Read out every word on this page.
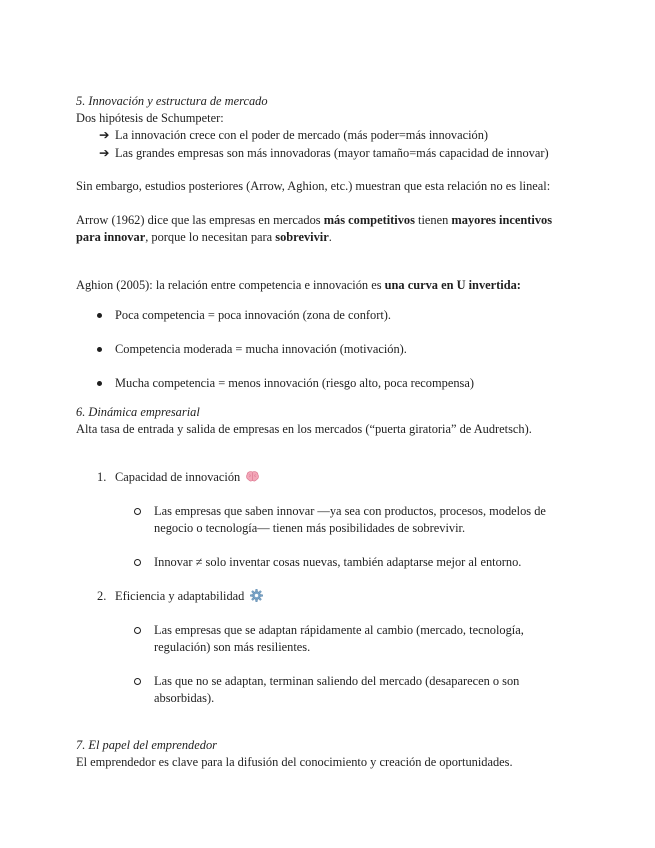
5. Innovación y estructura de mercado
Dos hipótesis de Schumpeter:
➔ La innovación crece con el poder de mercado (más poder=más innovación)
➔ Las grandes empresas son más innovadoras (mayor tamaño=más capacidad de innovar)
Sin embargo, estudios posteriores (Arrow, Aghion, etc.) muestran que esta relación no es lineal:
Arrow (1962) dice que las empresas en mercados más competitivos tienen mayores incentivos
para innovar, porque lo necesitan para sobrevivir.
Aghion (2005): la relación entre competencia e innovación es una curva en U invertida:
Poca competencia = poca innovación (zona de confort).
Competencia moderada = mucha innovación (motivación).
Mucha competencia = menos innovación (riesgo alto, poca recompensa)
6. Dinámica empresarial
Alta tasa de entrada y salida de empresas en los mercados (“puerta giratoria” de Audretsch).
1. Capacidad de innovación
Las empresas que saben innovar —ya sea con productos, procesos, modelos de
negocio o tecnología— tienen más posibilidades de sobrevivir.
Innovar ≠ solo inventar cosas nuevas, también adaptarse mejor al entorno.
2. Eficiencia y adaptabilidad
Las empresas que se adaptan rápidamente al cambio (mercado, tecnología,
regulación) son más resilientes.
Las que no se adaptan, terminan saliendo del mercado (desaparecen o son
absorbidas).
7. El papel del emprendedor
El emprendedor es clave para la difusión del conocimiento y creación de oportunidades.
